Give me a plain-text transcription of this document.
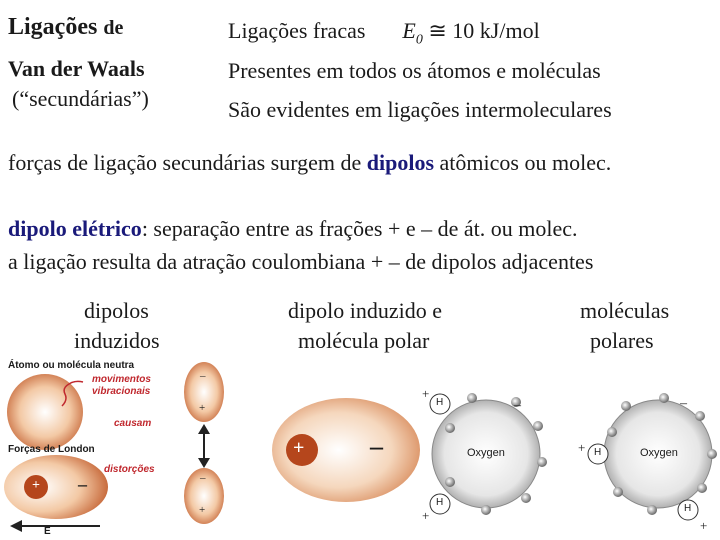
Ligações de
Van der Waals
(“secundárias”)
Ligações fracas $E_0$ ≅ 10 kJ/mol
Presentes em todos os átomos e moléculas
São evidentes em ligações intermoleculares
forças de ligação secundárias surgem de dipolos atômicos ou molec.
dipolo elétrico: separação entre as frações + e – de át. ou molec.
a ligação resulta da atração coulombiana + – de dipolos adjacentes
dipolos
induzidos
dipolo induzido e
molécula polar
moléculas
polares
Átomo ou molécula neutra
movimentos
vibracionais
causam
Forças de London
distorções
+ –
E
–
+
–
+
+	–	Oxygen	Oxygen
H
H
H
H
+
+
–
+
+
–
